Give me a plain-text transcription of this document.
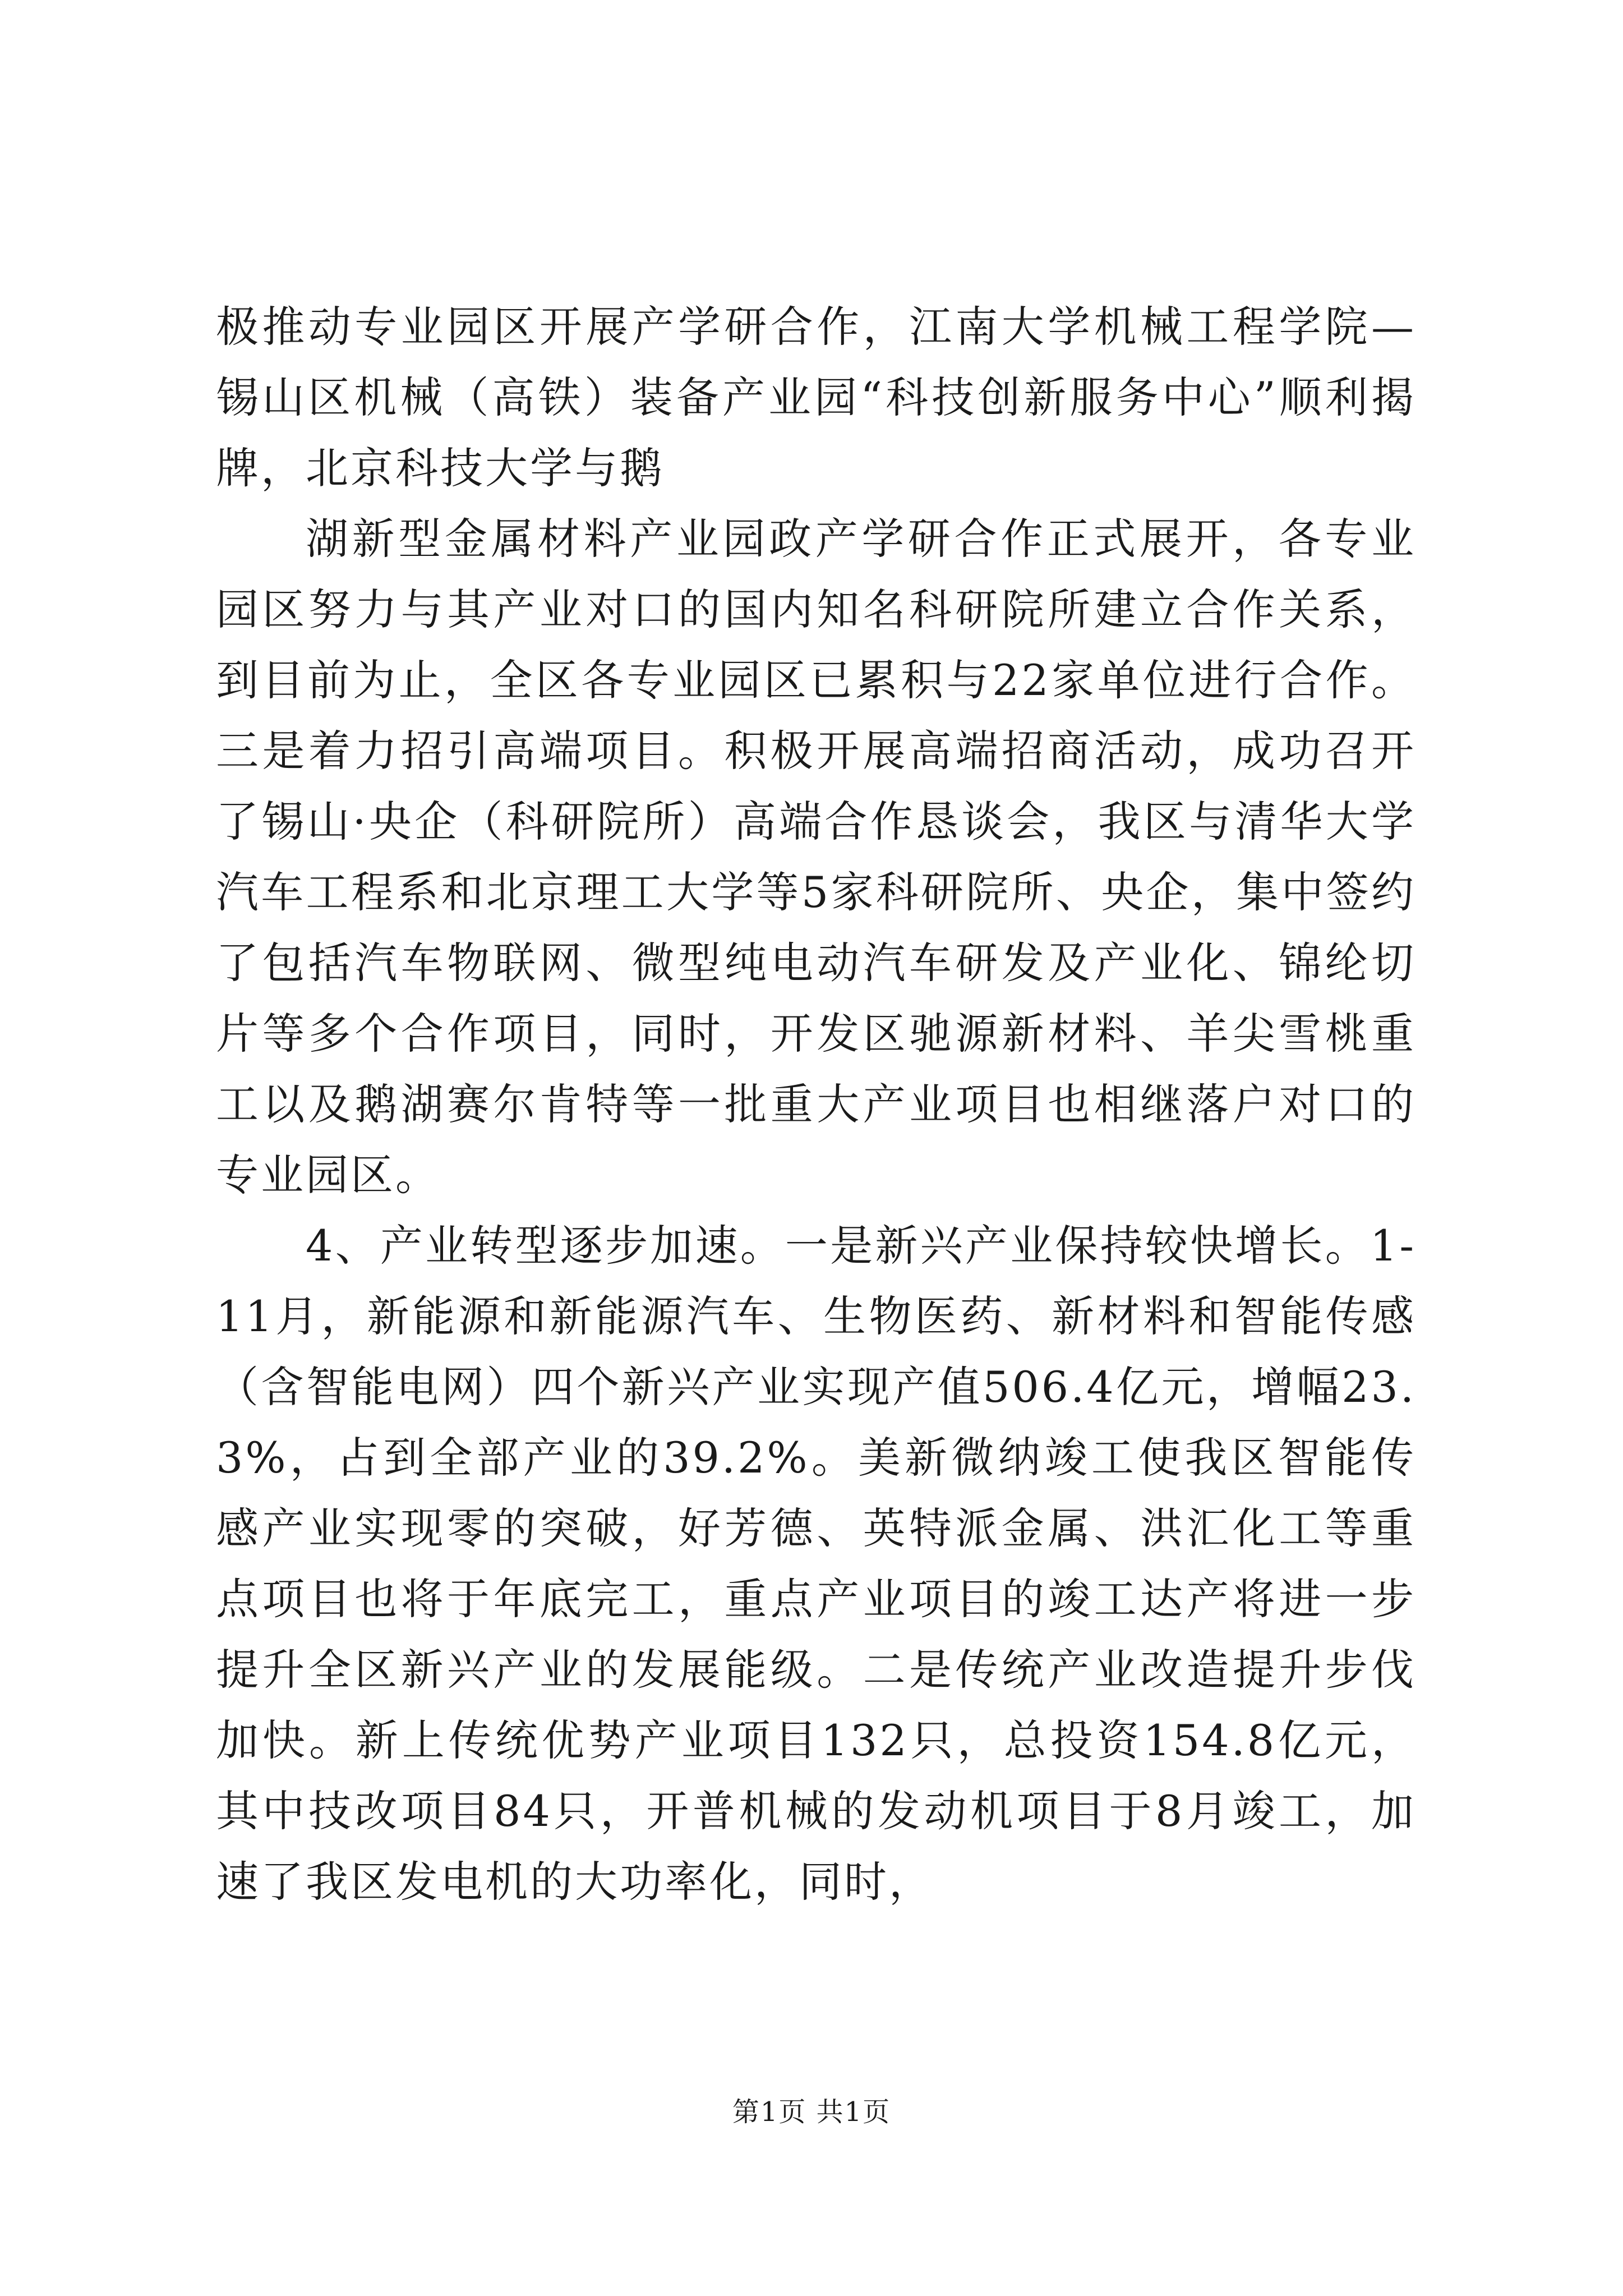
极推动专业园区开展产学研合作，江南大学机械工程学院—锡山区机械（高铁）装备产业园“科技创新服务中心”顺利揭牌，北京科技大学与鹅

湖新型金属材料产业园政产学研合作正式展开，各专业园区努力与其产业对口的国内知名科研院所建立合作关系，到目前为止，全区各专业园区已累积与22家单位进行合作。三是着力招引高端项目。积极开展高端招商活动，成功召开了锡山·央企（科研院所）高端合作恳谈会，我区与清华大学汽车工程系和北京理工大学等5家科研院所、央企，集中签约了包括汽车物联网、微型纯电动汽车研发及产业化、锦纶切片等多个合作项目，同时，开发区驰源新材料、羊尖雪桃重工以及鹅湖赛尔肯特等一批重大产业项目也相继落户对口的专业园区。

4、产业转型逐步加速。一是新兴产业保持较快增长。1-11月，新能源和新能源汽车、生物医药、新材料和智能传感（含智能电网）四个新兴产业实现产值506.4亿元，增幅23.3%，占到全部产业的39.2%。美新微纳竣工使我区智能传感产业实现零的突破，好芳德、英特派金属、洪汇化工等重点项目也将于年底完工，重点产业项目的竣工达产将进一步提升全区新兴产业的发展能级。二是传统产业改造提升步伐加快。新上传统优势产业项目132只，总投资154.8亿元，其中技改项目84只，开普机械的发动机项目于8月竣工，加速了我区发电机的大功率化，同时，

第1页 共1页
